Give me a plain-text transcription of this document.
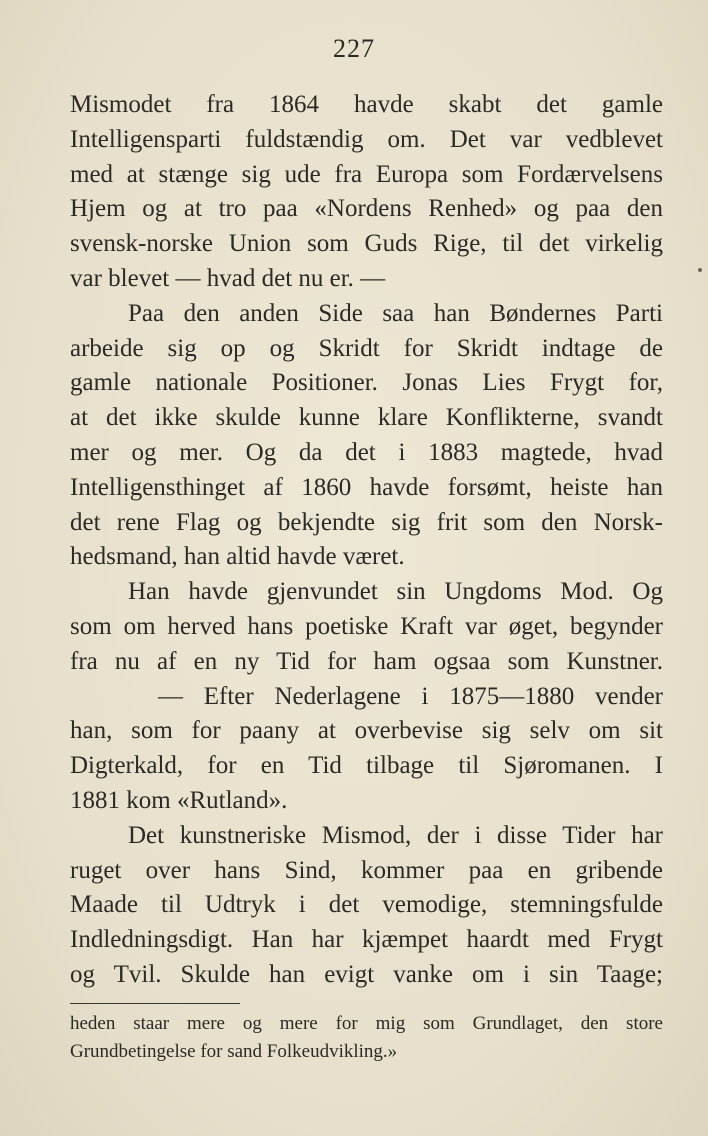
227
Mismodet fra 1864 havde skabt det gamle
Intelligensparti fuldstændig om. Det var vedblevet
med at stænge sig ude fra Europa som Fordærvelsens
Hjem og at tro paa «Nordens Renhed» og paa den
svensk-norske Union som Guds Rige, til det virkelig
var blevet — hvad det nu er. —
Paa den anden Side saa han Bøndernes Parti
arbeide sig op og Skridt for Skridt indtage de
gamle nationale Positioner. Jonas Lies Frygt for,
at det ikke skulde kunne klare Konflikterne, svandt
mer og mer. Og da det i 1883 magtede, hvad
Intelligensthinget af 1860 havde forsømt, heiste han
det rene Flag og bekjendte sig frit som den Norsk-
hedsmand, han altid havde været.
Han havde gjenvundet sin Ungdoms Mod. Og
som om herved hans poetiske Kraft var øget, begynder
fra nu af en ny Tid for ham ogsaa som Kunstner.
— Efter Nederlagene i 1875—1880 vender
han, som for paany at overbevise sig selv om sit
Digterkald, for en Tid tilbage til Sjøromanen. I
1881 kom «Rutland».
Det kunstneriske Mismod, der i disse Tider har
ruget over hans Sind, kommer paa en gribende
Maade til Udtryk i det vemodige, stemningsfulde
Indledningsdigt. Han har kjæmpet haardt med Frygt
og Tvil. Skulde han evigt vanke om i sin Taage;
heden staar mere og mere for mig som Grundlaget, den store
Grundbetingelse for sand Folkeudvikling.»
